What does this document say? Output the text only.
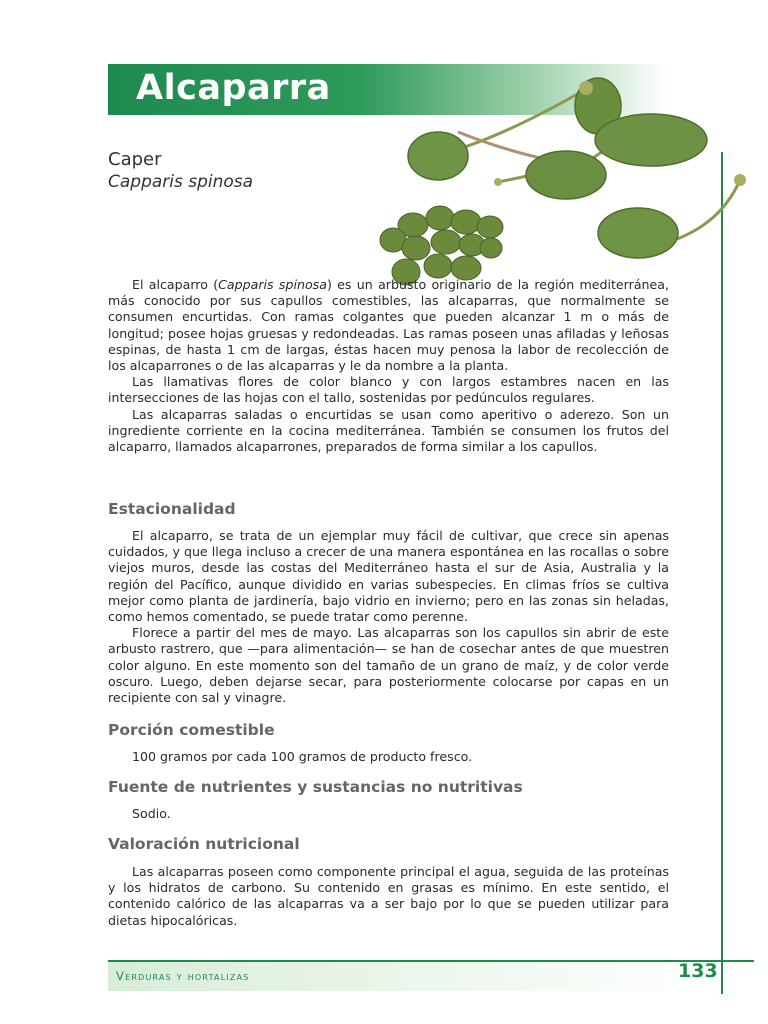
Alcaparra
Caper
Capparis spinosa

El alcaparro (Capparis spinosa) es un arbusto originario de la región mediterránea, más conocido por sus capullos comestibles, las alcaparras, que normalmente se consumen encurtidas. Con ramas colgantes que pueden alcanzar 1 m o más de longitud; posee hojas gruesas y redondeadas. Las ramas poseen unas afiladas y leñosas espinas, de hasta 1 cm de largas, éstas hacen muy penosa la labor de recolección de los alcaparrones o de las alcaparras y le da nombre a la planta.

Las llamativas flores de color blanco y con largos estambres nacen en las intersecciones de las hojas con el tallo, sostenidas por pedúnculos regulares.

Las alcaparras saladas o encurtidas se usan como aperitivo o aderezo. Son un ingrediente corriente en la cocina mediterránea. También se consumen los frutos del alcaparro, llamados alcaparrones, preparados de forma similar a los capullos.

Estacionalidad

El alcaparro, se trata de un ejemplar muy fácil de cultivar, que crece sin apenas cuidados, y que llega incluso a crecer de una manera espontánea en las rocallas o sobre viejos muros, desde las costas del Mediterráneo hasta el sur de Asia, Australia y la región del Pacífico, aunque dividido en varias subespecies. En climas fríos se cultiva mejor como planta de jardinería, bajo vidrio en invierno; pero en las zonas sin heladas, como hemos comentado, se puede tratar como perenne.

Florece a partir del mes de mayo. Las alcaparras son los capullos sin abrir de este arbusto rastrero, que —para alimentación— se han de cosechar antes de que muestren color alguno. En este momento son del tamaño de un grano de maíz, y de color verde oscuro. Luego, deben dejarse secar, para posteriormente colocarse por capas en un recipiente con sal y vinagre.

Porción comestible

100 gramos por cada 100 gramos de producto fresco.

Fuente de nutrientes y sustancias no nutritivas

Sodio.

Valoración nutricional

Las alcaparras poseen como componente principal el agua, seguida de las proteínas y los hidratos de carbono. Su contenido en grasas es mínimo. En este sentido, el contenido calórico de las alcaparras va a ser bajo por lo que se pueden utilizar para dietas hipocalóricas.

Verduras y hortalizas	133
